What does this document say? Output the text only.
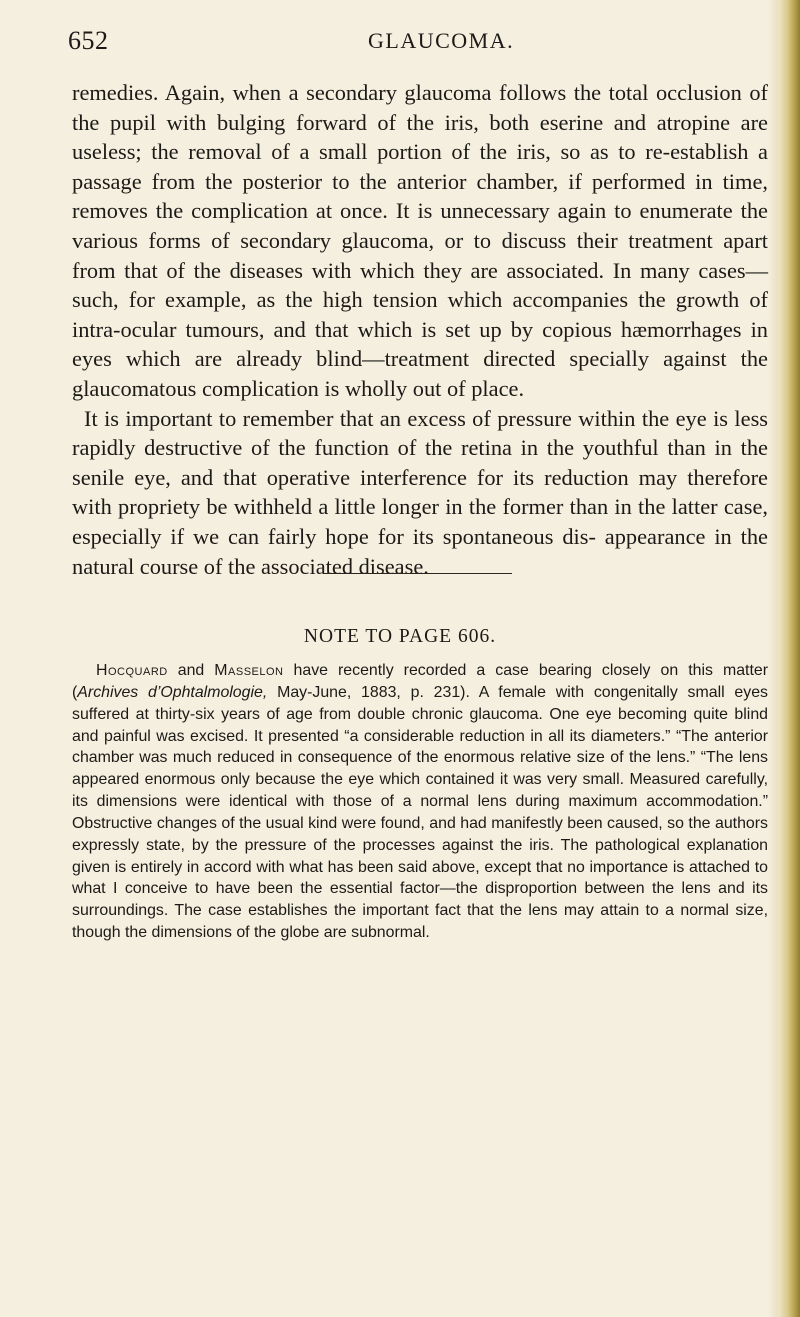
652	GLAUCOMA.

remedies. Again, when a secondary glaucoma follows the total occlusion of the pupil with bulging forward of the iris, both eserine and atropine are useless; the removal of a small portion of the iris, so as to re-establish a passage from the posterior to the anterior chamber, if performed in time, removes the complication at once. It is unnecessary again to enumerate the various forms of secondary glaucoma, or to discuss their treatment apart from that of the diseases with which they are associated. In many cases—such, for example, as the high tension which accompanies the growth of intra-ocular tumours, and that which is set up by copious hæmorrhages in eyes which are already blind—treatment directed specially against the glaucomatous complication is wholly out of place.

It is important to remember that an excess of pressure within the eye is less rapidly destructive of the function of the retina in the youthful than in the senile eye, and that operative interference for its reduction may therefore with propriety be withheld a little longer in the former than in the latter case, especially if we can fairly hope for its spontaneous dis- appearance in the natural course of the associated disease.

NOTE TO PAGE 606.

Hocquard and Masselon have recently recorded a case bearing closely on this matter (Archives d’Ophtalmologie, May-June, 1883, p. 231). A female with congenitally small eyes suffered at thirty-six years of age from double chronic glaucoma. One eye becoming quite blind and painful was excised. It presented “a considerable reduction in all its diameters.” “The anterior chamber was much reduced in consequence of the enormous relative size of the lens.” “The lens appeared enormous only because the eye which contained it was very small. Measured carefully, its dimensions were identical with those of a normal lens during maximum accommodation.” Obstructive changes of the usual kind were found, and had manifestly been caused, so the authors expressly state, by the pressure of the processes against the iris. The pathological explanation given is entirely in accord with what has been said above, except that no importance is attached to what I conceive to have been the essential factor—the disproportion between the lens and its surroundings. The case establishes the important fact that the lens may attain to a normal size, though the dimensions of the globe are subnormal.
